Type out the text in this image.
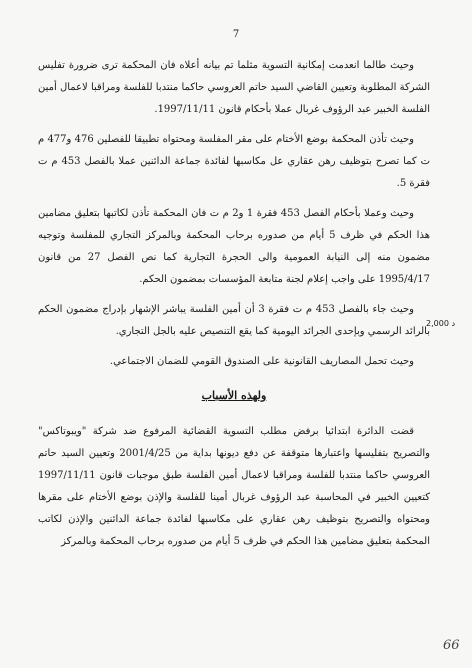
7

وحيث طالما انعدمت إمكانية التسوية مثلما تم بيانه أعلاه فان المحكمة ترى ضرورة تفليس الشركة المطلوبة وتعيين القاضي السيد حاتم العروسي حاكما منتدبا للفلسة ومراقبا لاعمال أمين الفلسة الخبير عبد الرؤوف غربال عملا بأحكام قانون 1997/11/11.

وحيث تأذن المحكمة بوضع الأختام على مقر المفلسة ومحتواه تطبيقا للفصلين 476 و477 م ت كما تصرح بتوظيف رهن عقاري عل مكاسبها لفائدة جماعة الدائنين عملا بالفصل 453 م ت فقرة 5.

وحيث وعملا بأحكام الفصل 453 فقرة 1 و2 م ت فان المحكمة تأذن لكاتبها بتعليق مضامين هذا الحكم في ظرف 5 أيام من صدوره برحاب المحكمة وبالمركز التجاري للمفلسة وتوجيه مضمون منه إلى النيابة العمومية والى الحجرة التجارية كما نص الفصل 27 من قانون 1995/4/17 على واجب إعلام لجنة متابعة المؤسسات بمضمون الحكم.

وحيث جاء بالفصل 453 م ت فقرة 3 أن أمين الفلسة يباشر الإشهار بإدراج مضمون الحكم بالرائد الرسمي وبإحدى الجرائد اليومية كما يقع التنصيص عليه بالجل التجاري.

وحيث تحمل المصاريف القانونية على الصندوق القومي للضمان الاجتماعي.

ولهذه الأسباب

قضت الدائرة ابتدائيا برفض مطلب التسوية القضائية المرفوع ضد شركة "ويبوتاكس" والتصريح بتفليسها واعتبارها متوقفة عن دفع ديونها بداية من 2001/4/25 وتعيين السيد حاتم العروسي حاكما منتدبا للفلسة ومراقبا لاعمال أمين الفلسة طبق موجبات قانون 1997/11/11 كتعيين الخبير في المحاسبة عبد الرؤوف غربال أمينا للفلسة والإذن بوضع الأختام على مقرها ومحتواه والتصريح بتوظيف رهن عقاري على مكاسبها لفائدة جماعة الدائنين والإذن لكاتب المحكمة بتعليق مضامين هذا الحكم في ظرف 5 أيام من صدوره برحاب المحكمة وبالمركز

2,000 د
66
